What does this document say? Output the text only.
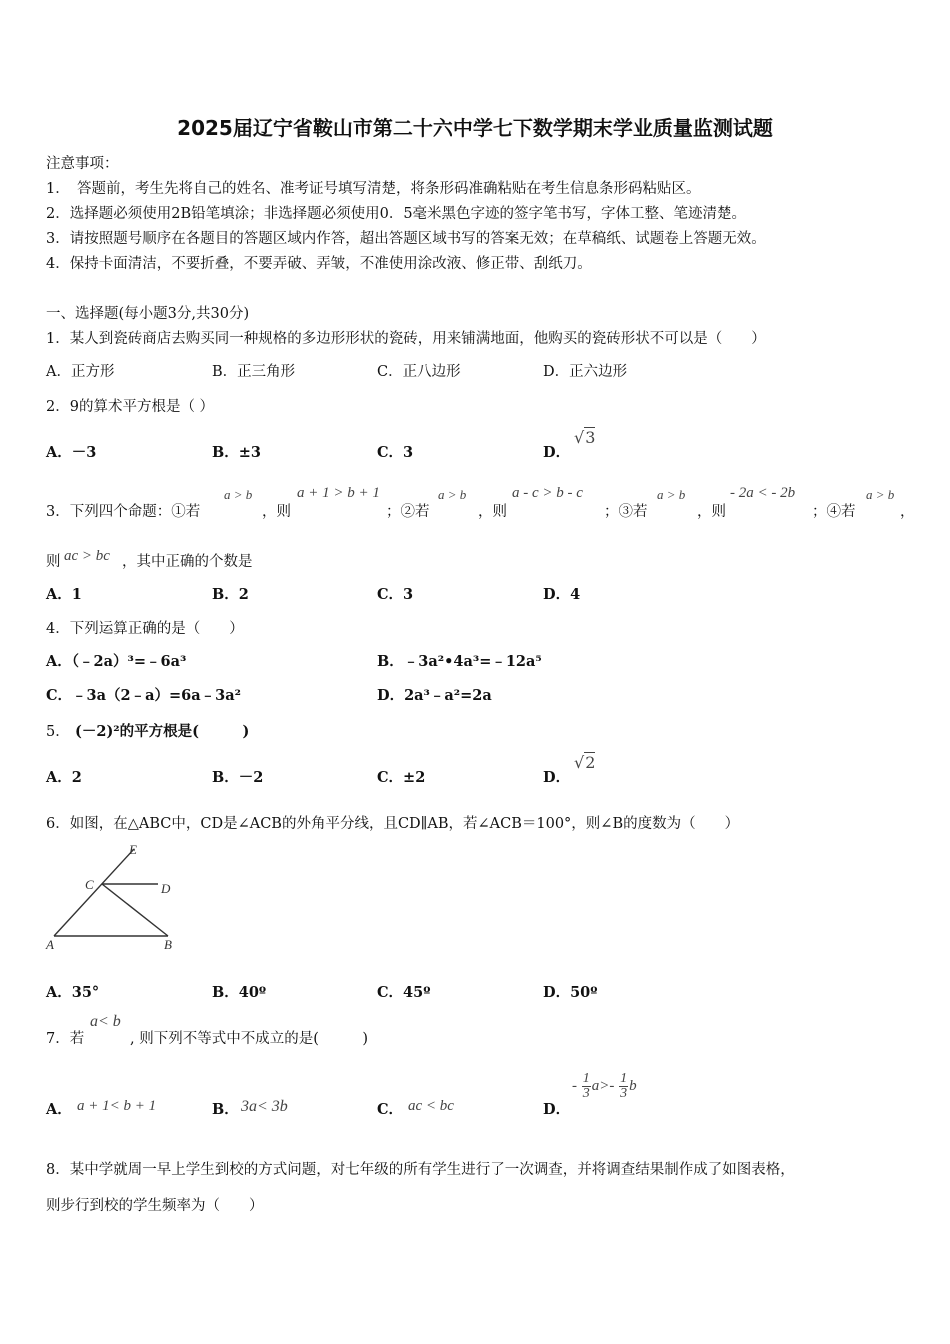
2025届辽宁省鞍山市第二十六中学七下数学期末学业质量监测试题
注意事项：
1．　答题前，考生先将自己的姓名、准考证号填写清楚，将条形码准确粘贴在考生信息条形码粘贴区。
2．选择题必须使用2B铅笔填涂；非选择题必须使用0．5毫米黑色字迹的签字笔书写，字体工整、笔迹清楚。
3．请按照题号顺序在各题目的答题区域内作答，超出答题区域书写的答案无效；在草稿纸、试题卷上答题无效。
4．保持卡面清洁，不要折叠，不要弄破、弄皱，不准使用涂改液、修正带、刮纸刀。
一、选择题(每小题3分,共30分)
1．某人到瓷砖商店去购买同一种规格的多边形形状的瓷砖，用来铺满地面，他购买的瓷砖形状不可以是（　　）
A．正方形	B．正三角形	C．正八边形	D．正六边形
2．9的算术平方根是（ ）
A．－3	B．±3	C．3	D．
√3
3．下列四个命题：①若
a > b
，则
a + 1 > b + 1
；②若
a > b
，则
a - c > b - c
；③若
a > b
，则
- 2a < - 2b
；④若
a > b
，
则 ac > bc ，其中正确的个数是
A．1	B．2	C．3	D．4
4．下列运算正确的是（　　）
A．（﹣2a）³=﹣6a³	B．﹣3a²•4a³=﹣12a⁵
C．﹣3a（2﹣a）=6a﹣3a²	D．2a³﹣a²=2a
5． (－2)²的平方根是(　　　)
A．2	B．－2	C．±2	D．
√2
6．如图，在△ABC中，CD是∠ACB的外角平分线，且CD∥AB，若∠ACB＝100°，则∠B的度数为（　　）
E
C	D
A	B
A．35°	B．40º	C．45º	D．50º
7．若
a< b
, 则下列不等式中不成立的是(　　　)
A． a + 1< b + 1	B． 3a< 3b	C． ac < bc	D．
- $\frac{1}{3} a>- \frac{1}{3}$ b
8．某中学就周一早上学生到校的方式问题，对七年级的所有学生进行了一次调查，并将调查结果制作成了如图表格，
则步行到校的学生频率为（　　）
